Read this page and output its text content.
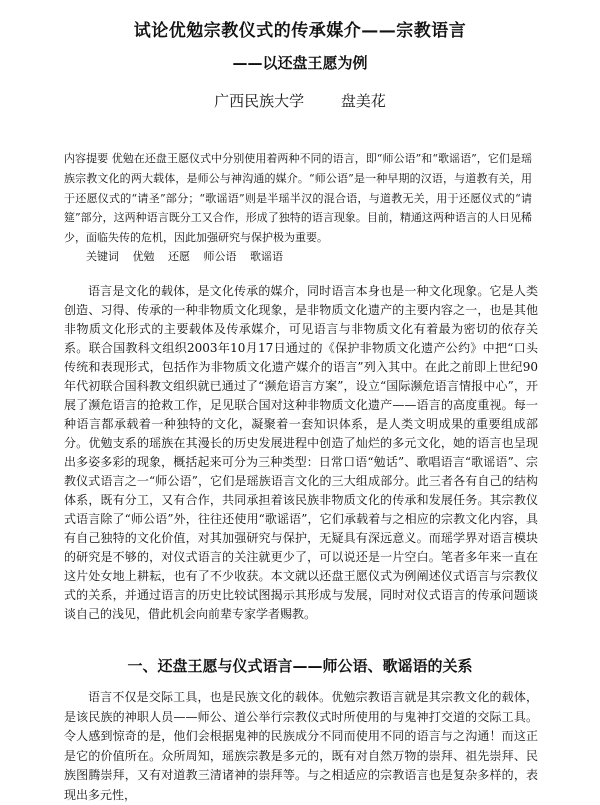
试论优勉宗教仪式的传承媒介——宗教语言
——以还盘王愿为例
广西民族大学 盘美花
内容提要 优勉在还盘王愿仪式中分别使用着两种不同的语言，即“师公语”和“歌谣语”，它们是瑶族宗教文化的两大载体，是师公与神沟通的媒介。“师公语”是一种早期的汉语，与道教有关，用于还愿仪式的“请圣”部分；“歌谣语”则是半瑶半汉的混合语，与道教无关，用于还愿仪式的“请筵”部分，这两种语言既分工又合作，形成了独特的语言现象。目前，精通这两种语言的人日见稀少，面临失传的危机，因此加强研究与保护极为重要。
关键词 优勉 还愿 师公语 歌谣语
语言是文化的载体，是文化传承的媒介，同时语言本身也是一种文化现象。它是人类创造、习得、传承的一种非物质文化现象，是非物质文化遗产的主要内容之一，也是其他非物质文化形式的主要载体及传承媒介，可见语言与非物质文化有着最为密切的依存关系。联合国教科文组织2003年10月17日通过的《保护非物质文化遗产公约》中把“口头传统和表现形式，包括作为非物质文化遗产媒介的语言”列入其中。在此之前即上世纪90年代初联合国科教文组织就已通过了“濒危语言方案”，设立“国际濒危语言情报中心”，开展了濒危语言的抢救工作，足见联合国对这种非物质文化遗产——语言的高度重视。每一种语言都承载着一种独特的文化，凝聚着一套知识体系，是人类文明成果的重要组成部分。优勉支系的瑶族在其漫长的历史发展进程中创造了灿烂的多元文化，她的语言也呈现出多姿多彩的现象，概括起来可分为三种类型：日常口语“勉话”、歌唱语言“歌谣语”、宗教仪式语言之一“师公语”，它们是瑶族语言文化的三大组成部分。此三者各有自己的结构体系，既有分工，又有合作，共同承担着该民族非物质文化的传承和发展任务。其宗教仪式语言除了“师公语”外，往往还使用“歌谣语”，它们承载着与之相应的宗教文化内容，具有自己独特的文化价值，对其加强研究与保护，无疑具有深远意义。而瑶学界对语言模块的研究是不够的，对仪式语言的关注就更少了，可以说还是一片空白。笔者多年来一直在这片处女地上耕耘，也有了不少收获。本文就以还盘王愿仪式为例阐述仪式语言与宗教仪式的关系，并通过语言的历史比较试图揭示其形成与发展，同时对仪式语言的传承问题谈谈自己的浅见，借此机会向前辈专家学者赐教。
一、还盘王愿与仪式语言——师公语、歌谣语的关系
语言不仅是交际工具，也是民族文化的载体。优勉宗教语言就是其宗教文化的载体，是该民族的神职人员——师公、道公举行宗教仪式时所使用的与鬼神打交道的交际工具。令人感到惊奇的是，他们会根据鬼神的民族成分不同而使用不同的语言与之沟通！而这正是它的价值所在。众所周知，瑶族宗教是多元的，既有对自然万物的崇拜、祖先崇拜、民族图腾崇拜，又有对道教三清诸神的崇拜等。与之相适应的宗教语言也是复杂多样的，表现出多元性，
